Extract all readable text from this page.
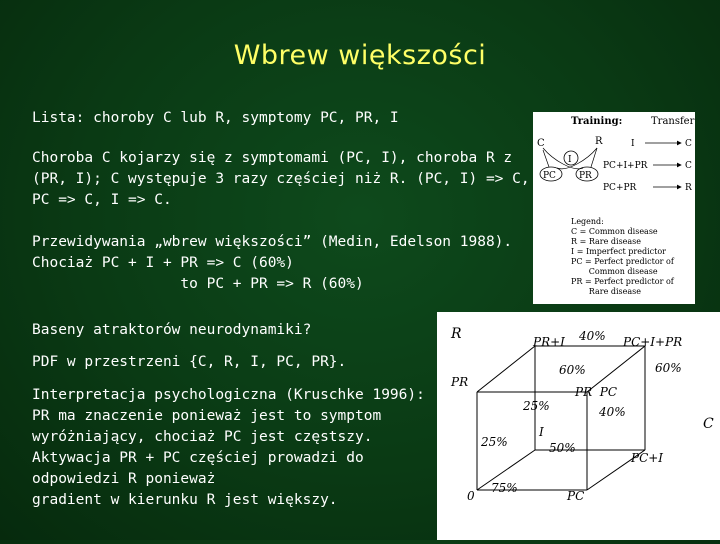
Wbrew większości
Lista: choroby C lub R, symptomy PC, PR, I
Choroba C kojarzy się z symptomami (PC, I), choroba R z
(PR, I); C występuje 3 razy częściej niż R. (PC, I) => C,
PC => C, I => C.
Przewidywania „wbrew większości” (Medin, Edelson 1988).
Chociaż PC + I + PR => C (60%)
to PC + PR => R (60%)
Baseny atraktorów neurodynamiki?
PDF w przestrzeni {C, R, I, PC, PR}.
Interpretacja psychologiczna (Kruschke 1996):
PR ma znaczenie ponieważ jest to symptom
wyróżniający, chociaż PC jest częstszy.
Aktywacja PR + PC częściej prowadzi do
odpowiedzi R ponieważ
gradient w kierunku R jest większy.
Training:	Transfer:
C	R
I
PC	PR
I	C
PC+I+PR	C
PC+PR	R
Legend:
C = Common disease
R = Rare disease
I = Imperfect predictor
PC = Perfect predictor of
Common disease
PR = Perfect predictor of
Rare disease
R	PR+I 40% PC+I+PR
60%	60%
PR
PR  PC
25%	40%
I
25%	50%
C
PC+I
0
75%
PC
